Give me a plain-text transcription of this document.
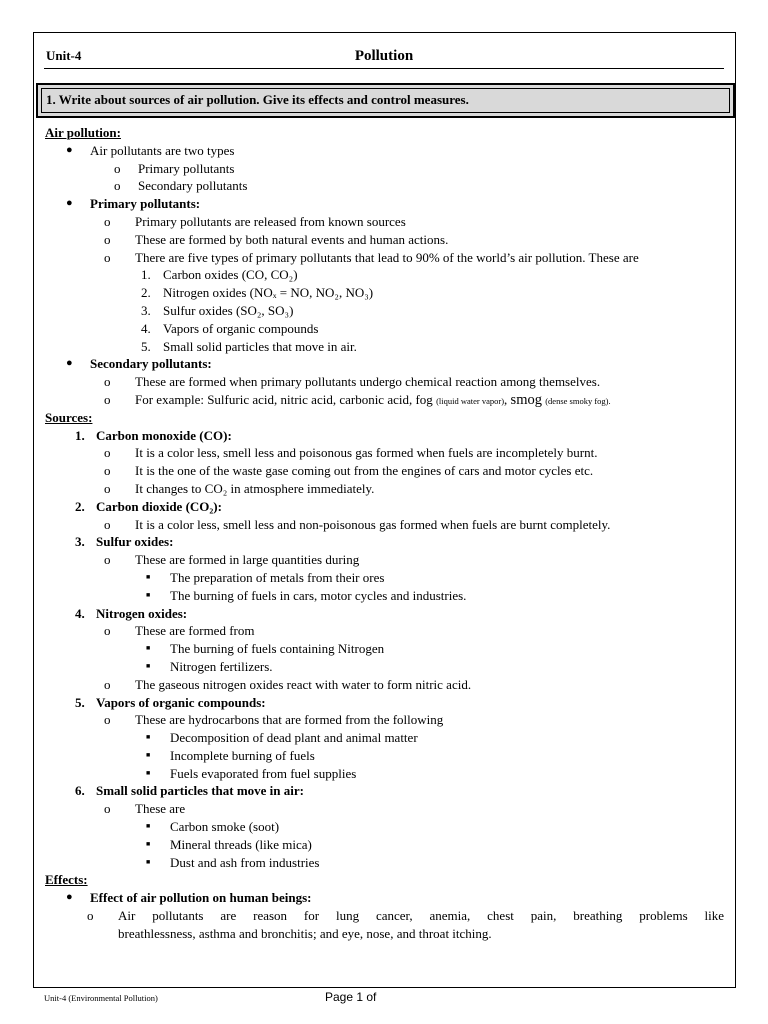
Unit-4	Pollution
1. Write about sources of air pollution. Give its effects and control measures.
Air pollution:
● Air pollutants are two types
o Primary pollutants
o Secondary pollutants
● Primary pollutants:
o Primary pollutants are released from known sources
o These are formed by both natural events and human actions.
o There are five types of primary pollutants that lead to 90% of the world’s air pollution. These are
1. Carbon oxides (CO, CO₂)
2. Nitrogen oxides (NOₓ = NO, NO₂, NO₃)
3. Sulfur oxides (SO₂, SO₃)
4. Vapors of organic compounds
5. Small solid particles that move in air.
● Secondary pollutants:
o These are formed when primary pollutants undergo chemical reaction among themselves.
o For example: Sulfuric acid, nitric acid, carbonic acid, fog (liquid water vapor), smog (dense smoky fog).
Sources:
1. Carbon monoxide (CO):
o It is a color less, smell less and poisonous gas formed when fuels are incompletely burnt.
o It is the one of the waste gase coming out from the engines of cars and motor cycles etc.
o It changes to CO₂ in atmosphere immediately.
2. Carbon dioxide (CO₂):
o It is a color less, smell less and non-poisonous gas formed when fuels are burnt completely.
3. Sulfur oxides:
o These are formed in large quantities during
■ The preparation of metals from their ores
■ The burning of fuels in cars, motor cycles and industries.
4. Nitrogen oxides:
o These are formed from
■ The burning of fuels containing Nitrogen
■ Nitrogen fertilizers.
o The gaseous nitrogen oxides react with water to form nitric acid.
5. Vapors of organic compounds:
o These are hydrocarbons that are formed from the following
■ Decomposition of dead plant and animal matter
■ Incomplete burning of fuels
■ Fuels evaporated from fuel supplies
6. Small solid particles that move in air:
o These are
■ Carbon smoke (soot)
■ Mineral threads (like mica)
■ Dust and ash from industries
Effects:
● Effect of air pollution on human beings:
o Air pollutants are reason for lung cancer, anemia, chest pain, breathing problems like
breathlessness, asthma and bronchitis; and eye, nose, and throat itching.
Unit-4 (Environmental Pollution)	Page 1 of
